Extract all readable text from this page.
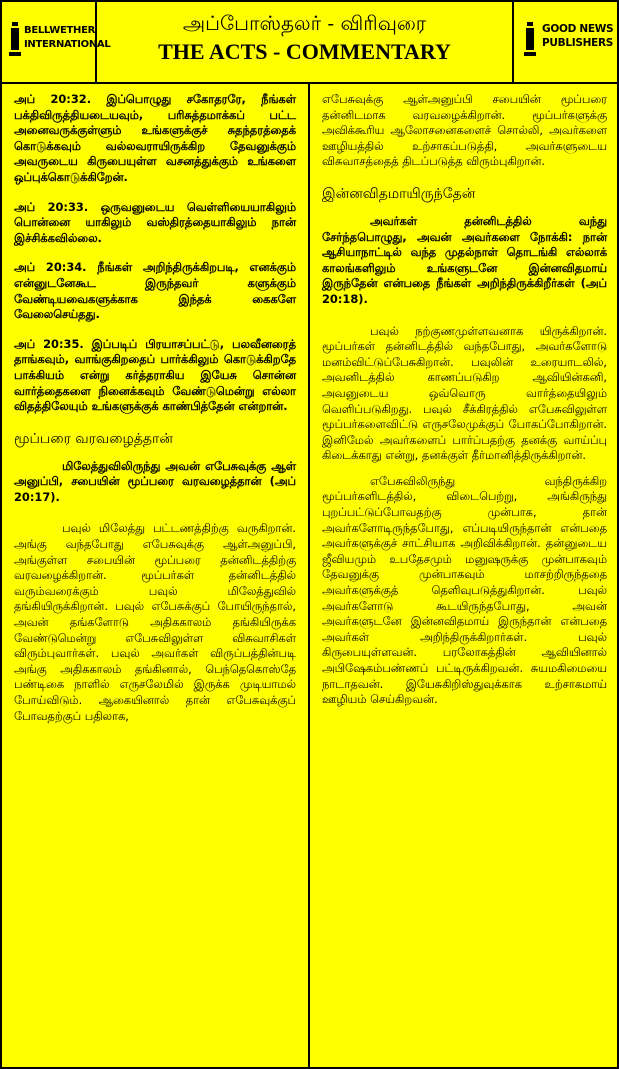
BELLWETHER
INTERNATIONAL
அப்போஸ்தலர் - விரிவுரை
THE ACTS - COMMENTARY
GOOD NEWS
PUBLISHERS

அப் 20:32. இப்பொழுது சகோதரரே, நீங்கள் பக்திவிருத்தியடையவும், பரிசுத்தமாக்கப் பட்ட அனைவருக்குள்ளும் உங்களுக்குச் சுதந்தரத்தைக் கொடுக்கவும் வல்லவராயிருக்கிற தேவனுக்கும் அவருடைய கிருபையுள்ள வசனத்துக்கும் உங்களை ஒப்புக்கொடுக்கிறேன்.

அப் 20:33. ஒருவனுடைய வெள்ளியையாகிலும் பொன்னை யாகிலும் வஸ்திரத்தையாகிலும் நான் இச்சிக்கவில்லை.

அப் 20:34. நீங்கள் அறிந்திருக்கிறபடி, எனக்கும் என்னுடனேகூட இருந்தவர் களுக்கும் வேண்டியவைகளுக்காக இந்தக் கைகளே வேலைசெய்தது.

அப் 20:35. இப்படிப் பிரயாசப்பட்டு, பலவீனரைத் தாங்கவும், வாங்குகிறதைப் பார்க்கிலும் கொடுக்கிறதே பாக்கியம் என்று கர்த்தராகிய இயேசு சொன்ன வார்த்தைகளை நினைக்கவும் வேண்டுமென்று எல்லா விதத்திலேயும் உங்களுக்குக் காண்பித்தேன் என்றான்.

மூப்பரை வரவழைத்தான்

மிலேத்துவிலிருந்து அவன் எபேசுவுக்கு ஆள் அனுப்பி, சபையின் மூப்பரை வரவழைத்தான் (அப் 20:17).

பவுல் மிலேத்து பட்டணத்திற்கு வருகிறான். அங்கு வந்தபோது எபேசுவுக்கு ஆள்அனுப்பி, அங்குள்ள சபையின் மூப்பரை தன்னிடத்திற்கு வரவழைக்கிறான். மூப்பர்கள் தன்னிடத்தில் வரும்வரைக்கும் பவுல் மிலேத்துவில் தங்கியிருக்கிறான். பவுல் எபேசுக்குப் போயிருந்தால், அவன் தங்களோடு அதிககாலம் தங்கியிருக்க வேண்டுமென்று எபேசுவிலுள்ள விசுவாசிகள் விரும்புவார்கள். பவுல் அவர்கள் விருப்பத்தின்படி அங்கு அதிககாலம் தங்கினால், பெந்தெகொஸ்தே பண்டிகை நாளில் எருசலேமில் இருக்க முடியாமல் போய்விடும். ஆகையினால் தான் எபேசுவுக்குப் போவதற்குப் பதிலாக,

எபேசுவுக்கு ஆள்அனுப்பி சபையின் மூப்பரை தன்னிடமாக வரவழைக்கிறான். மூப்பர்களுக்கு அவிக்கூரிய ஆலோசனைகளைச் சொல்லி, அவர்களை ஊழியத்தில் உற்சாகப்படுத்தி, அவர்களுடைய விசுவாசத்தைத் திடப்படுத்த விரும்புகிறான்.

இன்னவிதமாயிருந்தேன்

அவர்கள் தன்னிடத்தில் வந்து சேர்ந்தபொழுது, அவன் அவர்களை நோக்கி: நான் ஆசியாநாட்டில் வந்த முதல்நாள் தொடங்கி எல்லாக் காலங்களிலும் உங்களுடனே இன்னவிதமாய் இருந்தேன் என்பதை நீங்கள் அறிந்திருக்கிறீர்கள் (அப் 20:18).

பவுல் நற்குணமுள்ளவனாக யிருக்கிறான். மூப்பர்கள் தன்னிடத்தில் வந்தபோது, அவர்களோடு மனம்விட்டுப்பேசுகிறான். பவுலின் உரையாடலில், அவனிடத்தில் காணப்படுகிற ஆவியின்கனி, அவனுடைய ஒவ்வொரு வார்த்தையிலும் வெளிப்படுகிறது. பவுல் சீக்கிரத்தில் எபேசுவிலுள்ள மூப்பர்களைவிட்டு எருசலேமுக்குப் போகப்போகிறான். இனிமேல் அவர்களைப் பார்ப்பதற்கு தனக்கு வாய்ப்பு கிடைக்காது என்று, தனக்குள் தீர்மானித்திருக்கிறான்.

எபேசுவிலிருந்து வந்திருக்கிற மூப்பர்களிடத்தில், விடைபெற்று, அங்கிருந்து புறப்பட்டுப்போவதற்கு முன்பாக, தான் அவர்களோடிருந்தபோது, எப்படியிருந்தான் என்பதை அவர்களுக்குச் சாட்சியாக அறிவிக்கிறான். தன்னுடைய ஜீவியமும் உபதேசமும் மனுஷருக்கு முன்பாகவும் தேவனுக்கு முன்பாகவும் மாசற்றிருந்ததை அவர்களுக்குத் தெளிவுபடுத்துகிறான். பவுல் அவர்களோடு கூடயிருந்தபோது, அவன் அவர்களுடனே இன்னவிதமாய் இருந்தான் என்பதை அவர்கள் அறிந்திருக்கிறார்கள். பவுல் கிருபையுள்ளவன். பரலோகத்தின் ஆவியினால் அபிஷேகம்பண்ணப் பட்டிருக்கிறவன். சுயமகிமையை நாடாதவன். இயேசுகிறிஸ்துவுக்காக உற்சாகமாய் ஊழியம் செய்கிறவன்.
